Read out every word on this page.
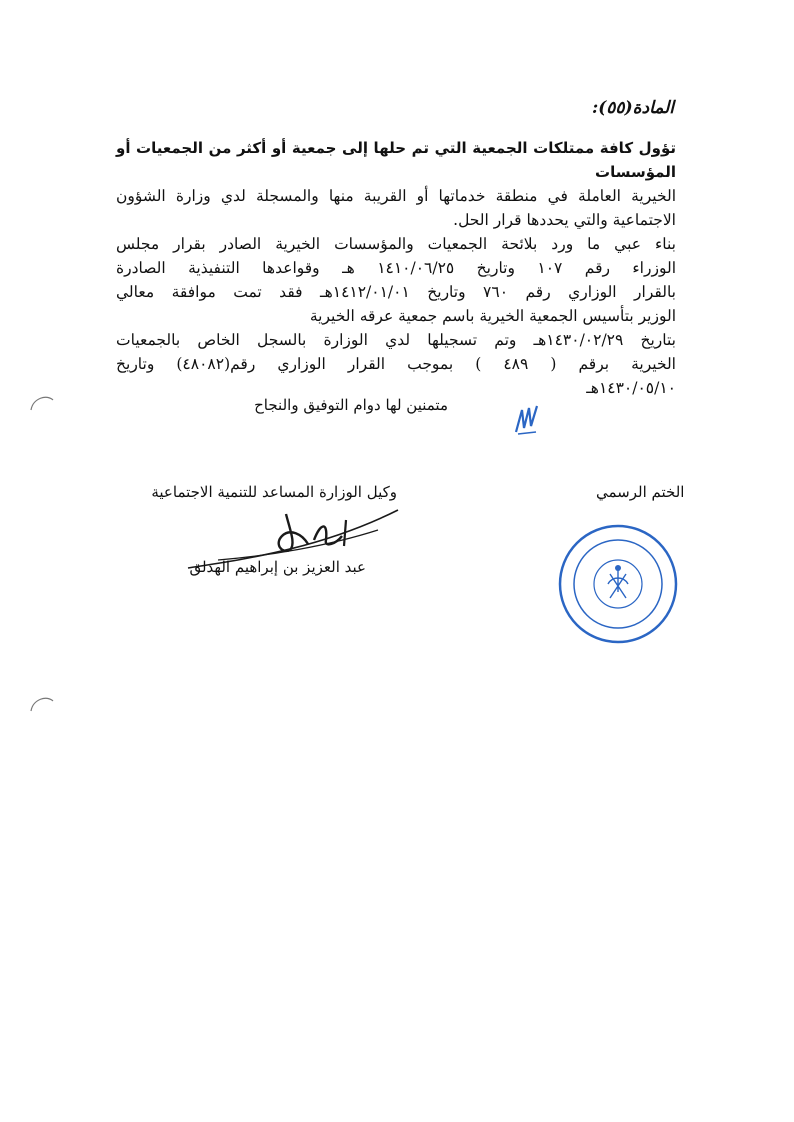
المادة(٥٥):
تؤول كافة ممتلكات الجمعية التي تم حلها إلى جمعية أو أكثر من الجمعيات أو المؤسسات
الخيرية العاملة في منطقة خدماتها أو القريبة منها والمسجلة لدي وزارة الشؤون
الاجتماعية والتي يحددها قرار الحل.
بناء عبي ما ورد بلائحة الجمعيات والمؤسسات الخيرية الصادر بقرار مجلس
الوزراء رقم ١٠٧ وتاريخ ١٤١٠/٠٦/٢٥ هـ وقواعدها التنفيذية الصادرة
بالقرار الوزاري رقم ٧٦٠ وتاريخ ١٤١٢/٠١/٠١هـ فقد تمت موافقة معالي
الوزير بتأسيس الجمعية الخيرية باسم جمعية عرقه الخيرية
بتاريخ ١٤٣٠/٠٢/٢٩هـ وتم تسجيلها لدي الوزارة بالسجل الخاص بالجمعيات
الخيرية برقم ( ٤٨٩ ) بموجب القرار الوزاري رقم(٤٨٠٨٢) وتاريخ
١٤٣٠/٠٥/١٠هـ
متمنين لها دوام التوفيق والنجاح
وكيل الوزارة المساعد للتنمية الاجتماعية
عبد العزيز بن إبراهيم الهدلق
الختم الرسمي
